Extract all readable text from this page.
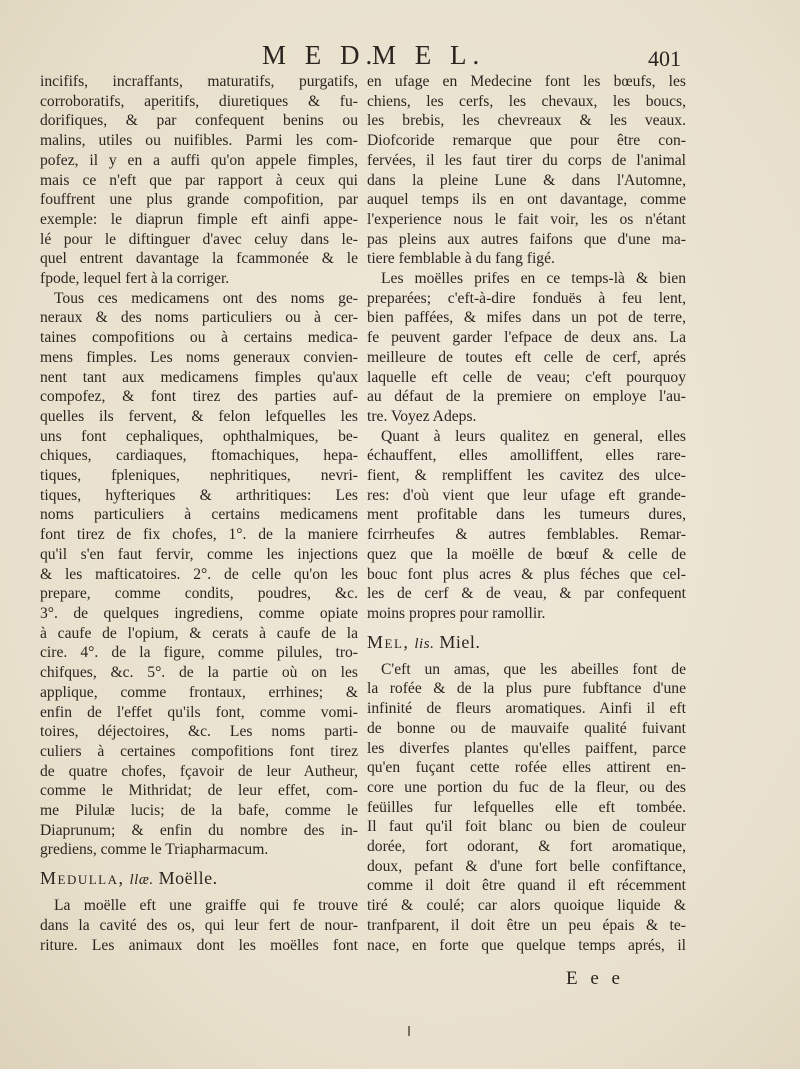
M E D.
M E L.	401
incififs, incraffants, maturatifs, purgatifs,
corroboratifs, aperitifs, diuretiques & fu-
dorifiques, & par confequent benins ou
malins, utiles ou nuifibles. Parmi les com-
pofez, il y en a auffi qu'on appele fimples,
mais ce n'eft que par rapport à ceux qui
fouffrent une plus grande compofition, par
exemple: le diaprun fimple eft ainfi appe-
lé pour le diftinguer d'avec celuy dans le-
quel entrent davantage la fcammonée & le
fpode, lequel fert à la corriger.
Tous ces medicamens ont des noms ge-
neraux & des noms particuliers ou à cer-
taines compofitions ou à certains medica-
mens fimples. Les noms generaux convien-
nent tant aux medicamens fimples qu'aux
compofez, & font tirez des parties auf-
quelles ils fervent, & felon lefquelles les
uns font cephaliques, ophthalmiques, be-
chiques, cardiaques, ftomachiques, hepa-
tiques, fpleniques, nephritiques, nevri-
tiques, hyfteriques & arthritiques: Les
noms particuliers à certains medicamens
font tirez de fix chofes, 1°. de la maniere
qu'il s'en faut fervir, comme les injections
& les mafticatoires. 2°. de celle qu'on les
prepare, comme condits, poudres, &c.
3°. de quelques ingrediens, comme opiate
à caufe de l'opium, & cerats à caufe de la
cire. 4°. de la figure, comme pilules, tro-
chifques, &c. 5°. de la partie où on les
applique, comme frontaux, errhines; &
enfin de l'effet qu'ils font, comme vomi-
toires, déjectoires, &c. Les noms parti-
culiers à certaines compofitions font tirez
de quatre chofes, fçavoir de leur Autheur,
comme le Mithridat; de leur effet, com-
me Pilulæ lucis; de la bafe, comme le
Diaprunum; & enfin du nombre des in-
grediens, comme le Triapharmacum.
Medulla, llæ. Moëlle.
La moëlle eft une graiffe qui fe trouve
dans la cavité des os, qui leur fert de nour-
riture. Les animaux dont les moëlles font
en ufage en Medecine font les bœufs, les
chiens, les cerfs, les chevaux, les boucs,
les brebis, les chevreaux & les veaux.
Diofcoride remarque que pour être con-
fervées, il les faut tirer du corps de l'animal
dans la pleine Lune & dans l'Automne,
auquel temps ils en ont davantage, comme
l'experience nous le fait voir, les os n'étant
pas pleins aux autres faifons que d'une ma-
tiere femblable à du fang figé.
Les moëlles prifes en ce temps-là & bien
preparées; c'eft-à-dire fonduës à feu lent,
bien paffées, & mifes dans un pot de terre,
fe peuvent garder l'efpace de deux ans. La
meilleure de toutes eft celle de cerf, aprés
laquelle eft celle de veau; c'eft pourquoy
au défaut de la premiere on employe l'au-
tre. Voyez Adeps.
Quant à leurs qualitez en general, elles
échauffent, elles amolliffent, elles rare-
fient, & rempliffent les cavitez des ulce-
res: d'où vient que leur ufage eft grande-
ment profitable dans les tumeurs dures,
fcirrheufes & autres femblables. Remar-
quez que la moëlle de bœuf & celle de
bouc font plus acres & plus féches que cel-
les de cerf & de veau, & par confequent
moins propres pour ramollir.
Mel, lis. Miel.
C'eft un amas, que les abeilles font de
la rofée & de la plus pure fubftance d'une
infinité de fleurs aromatiques. Ainfi il eft
de bonne ou de mauvaife qualité fuivant
les diverfes plantes qu'elles paiffent, parce
qu'en fuçant cette rofée elles attirent en-
core une portion du fuc de la fleur, ou des
feüilles fur lefquelles elle eft tombée.
Il faut qu'il foit blanc ou bien de couleur
dorée, fort odorant, & fort aromatique,
doux, pefant & d'une fort belle confiftance,
comme il doit être quand il eft récemment
tiré & coulé; car alors quoique liquide &
tranfparent, il doit être un peu épais & te-
nace, en forte que quelque temps aprés, il
E e e
